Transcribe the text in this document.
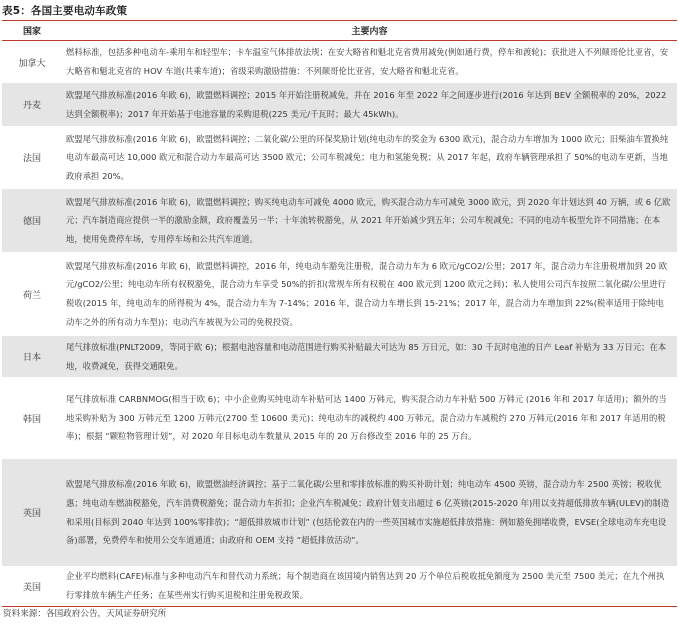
表5：各国主要电动车政策
国家	主要内容
加拿大
燃料标准，包括多种电动车-乘用车和轻型车；卡车温室气体排放法规；在安大略省和魁北克省费用减免(例如通行费，停车和渡轮)；获批进入不列颠哥伦比亚省，安大略省和魁北克省的 HOV 车道(共乘车道)；省级采购激励措施：不列颠哥伦比亚省，安大略省和魁北克省。
丹麦
欧盟尾气排放标准(2016 年欧 6)，欧盟燃料调控；2015 年开始注册税减免，并在 2016 年至 2022 年之间逐步进行(2016 年达到 BEV 全额税率的 20%，2022 达到全额税率)；2017 年开始基于电池容量的采购退税(225 美元/千瓦时；最大 45kWh)。
法国
欧盟尾气排放标准(2016 年欧 6)，欧盟燃料调控；二氧化碳/公里的环保奖励计划(纯电动车的奖金为 6300 欧元)，混合动力车增加为 1000 欧元；旧柴油车置换纯电动车最高可达 10,000 欧元和混合动力车最高可达 3500 欧元；公司车税减免；电力和氢能免税；从 2017 年起，政府车辆管理承担了 50%的电动车更新，当地政府承担 20%。
德国
欧盟尾气排放标准(2016 年欧 6)，欧盟燃料调控；购买纯电动车可减免 4000 欧元，购买混合动力车可减免 3000 欧元，到 2020 年计划达到 40 万辆，或 6 亿欧元；汽车制造商应提供一半的激励金额，政府覆盖另一半；十年流转税豁免，从 2021 年开始减少到五年；公司车税减免；不同的电动车板型允许不同措施；在本地，使用免费停车场，专用停车场和公共汽车道道。
荷兰
欧盟尾气排放标准(2016 年欧 6)，欧盟燃料调控，2016 年，纯电动车豁免注册税，混合动力车为 6 欧元/gCO2/公里；2017 年，混合动力车注册税增加到 20 欧元/gCO2/公里；纯电动车所有权税豁免，混合动力车享受 50%的折扣(常规车所有权税在 400 欧元到 1200 欧元之间)；私人使用公司汽车按照二氧化碳/公里进行税收(2015 年，纯电动车的所得税为 4%，混合动力车为 7-14%；2016 年，混合动力车增长到 15-21%；2017 年，混合动力车增加到 22%(税率适用于除纯电动车之外的所有动力车型))；电动汽车被视为公司的免税投资。
日本
尾气排放标准(PNLT2009，等同于欧 6)；根据电池容量和电动范围进行购买补贴最大可达为 85 万日元，如：30 千瓦时电池的日产 Leaf 补贴为 33 万日元；在本地，收费减免，获得交通限免。
韩国
尾气排放标准 CARBNMOG(相当于欧 6)；中小企业购买纯电动车补贴可达 1400 万韩元，购买混合动力车补贴 500 万韩元 (2016 年和 2017 年适用)；额外的当地采购补贴为 300 万韩元至 1200 万韩元(2700 至 10600 美元)；纯电动车的减税约 400 万韩元，混合动力车减税约 270 万韩元(2016 年和 2017 年适用的税率)；根据 “颗粒物管理计划”，对 2020 年目标电动车数量从 2015 年的 20 万台修改至 2016 年的 25 万台。
英国
欧盟尾气排放标准(2016 年欧 6)，欧盟燃油经济调控；基于二氧化碳/公里和零排放标准的购买补助计划；纯电动车 4500 英镑，混合动力车 2500 英镑；税收优惠；纯电动车燃油税豁免，汽车消费税豁免；混合动力车折扣；企业汽车税减免；政府计划支出超过 6 亿英镑(2015-2020 年)用以支持超低排放车辆(ULEV)的制造和采用(目标到 2040 年达到 100%零排放)；“超低排放城市计划” (包括伦敦在内的一些英国城市实施超低排放措施：例如豁免拥堵收费，EVSE(全球电动车充电设备)部署，免费停车和使用公交车道通道；由政府和 OEM 支持 “超低排放活动”。
美国
企业平均燃料(CAFE)标准与多种电动汽车和替代动力系统；每个制造商在该国境内销售达到 20 万个单位后税收抵免额度为 2500 美元至 7500 美元；在九个州执行零排放车辆生产任务；在某些州实行购买退税和注册免税政策。
资料来源：各国政府公告，天风证券研究所
